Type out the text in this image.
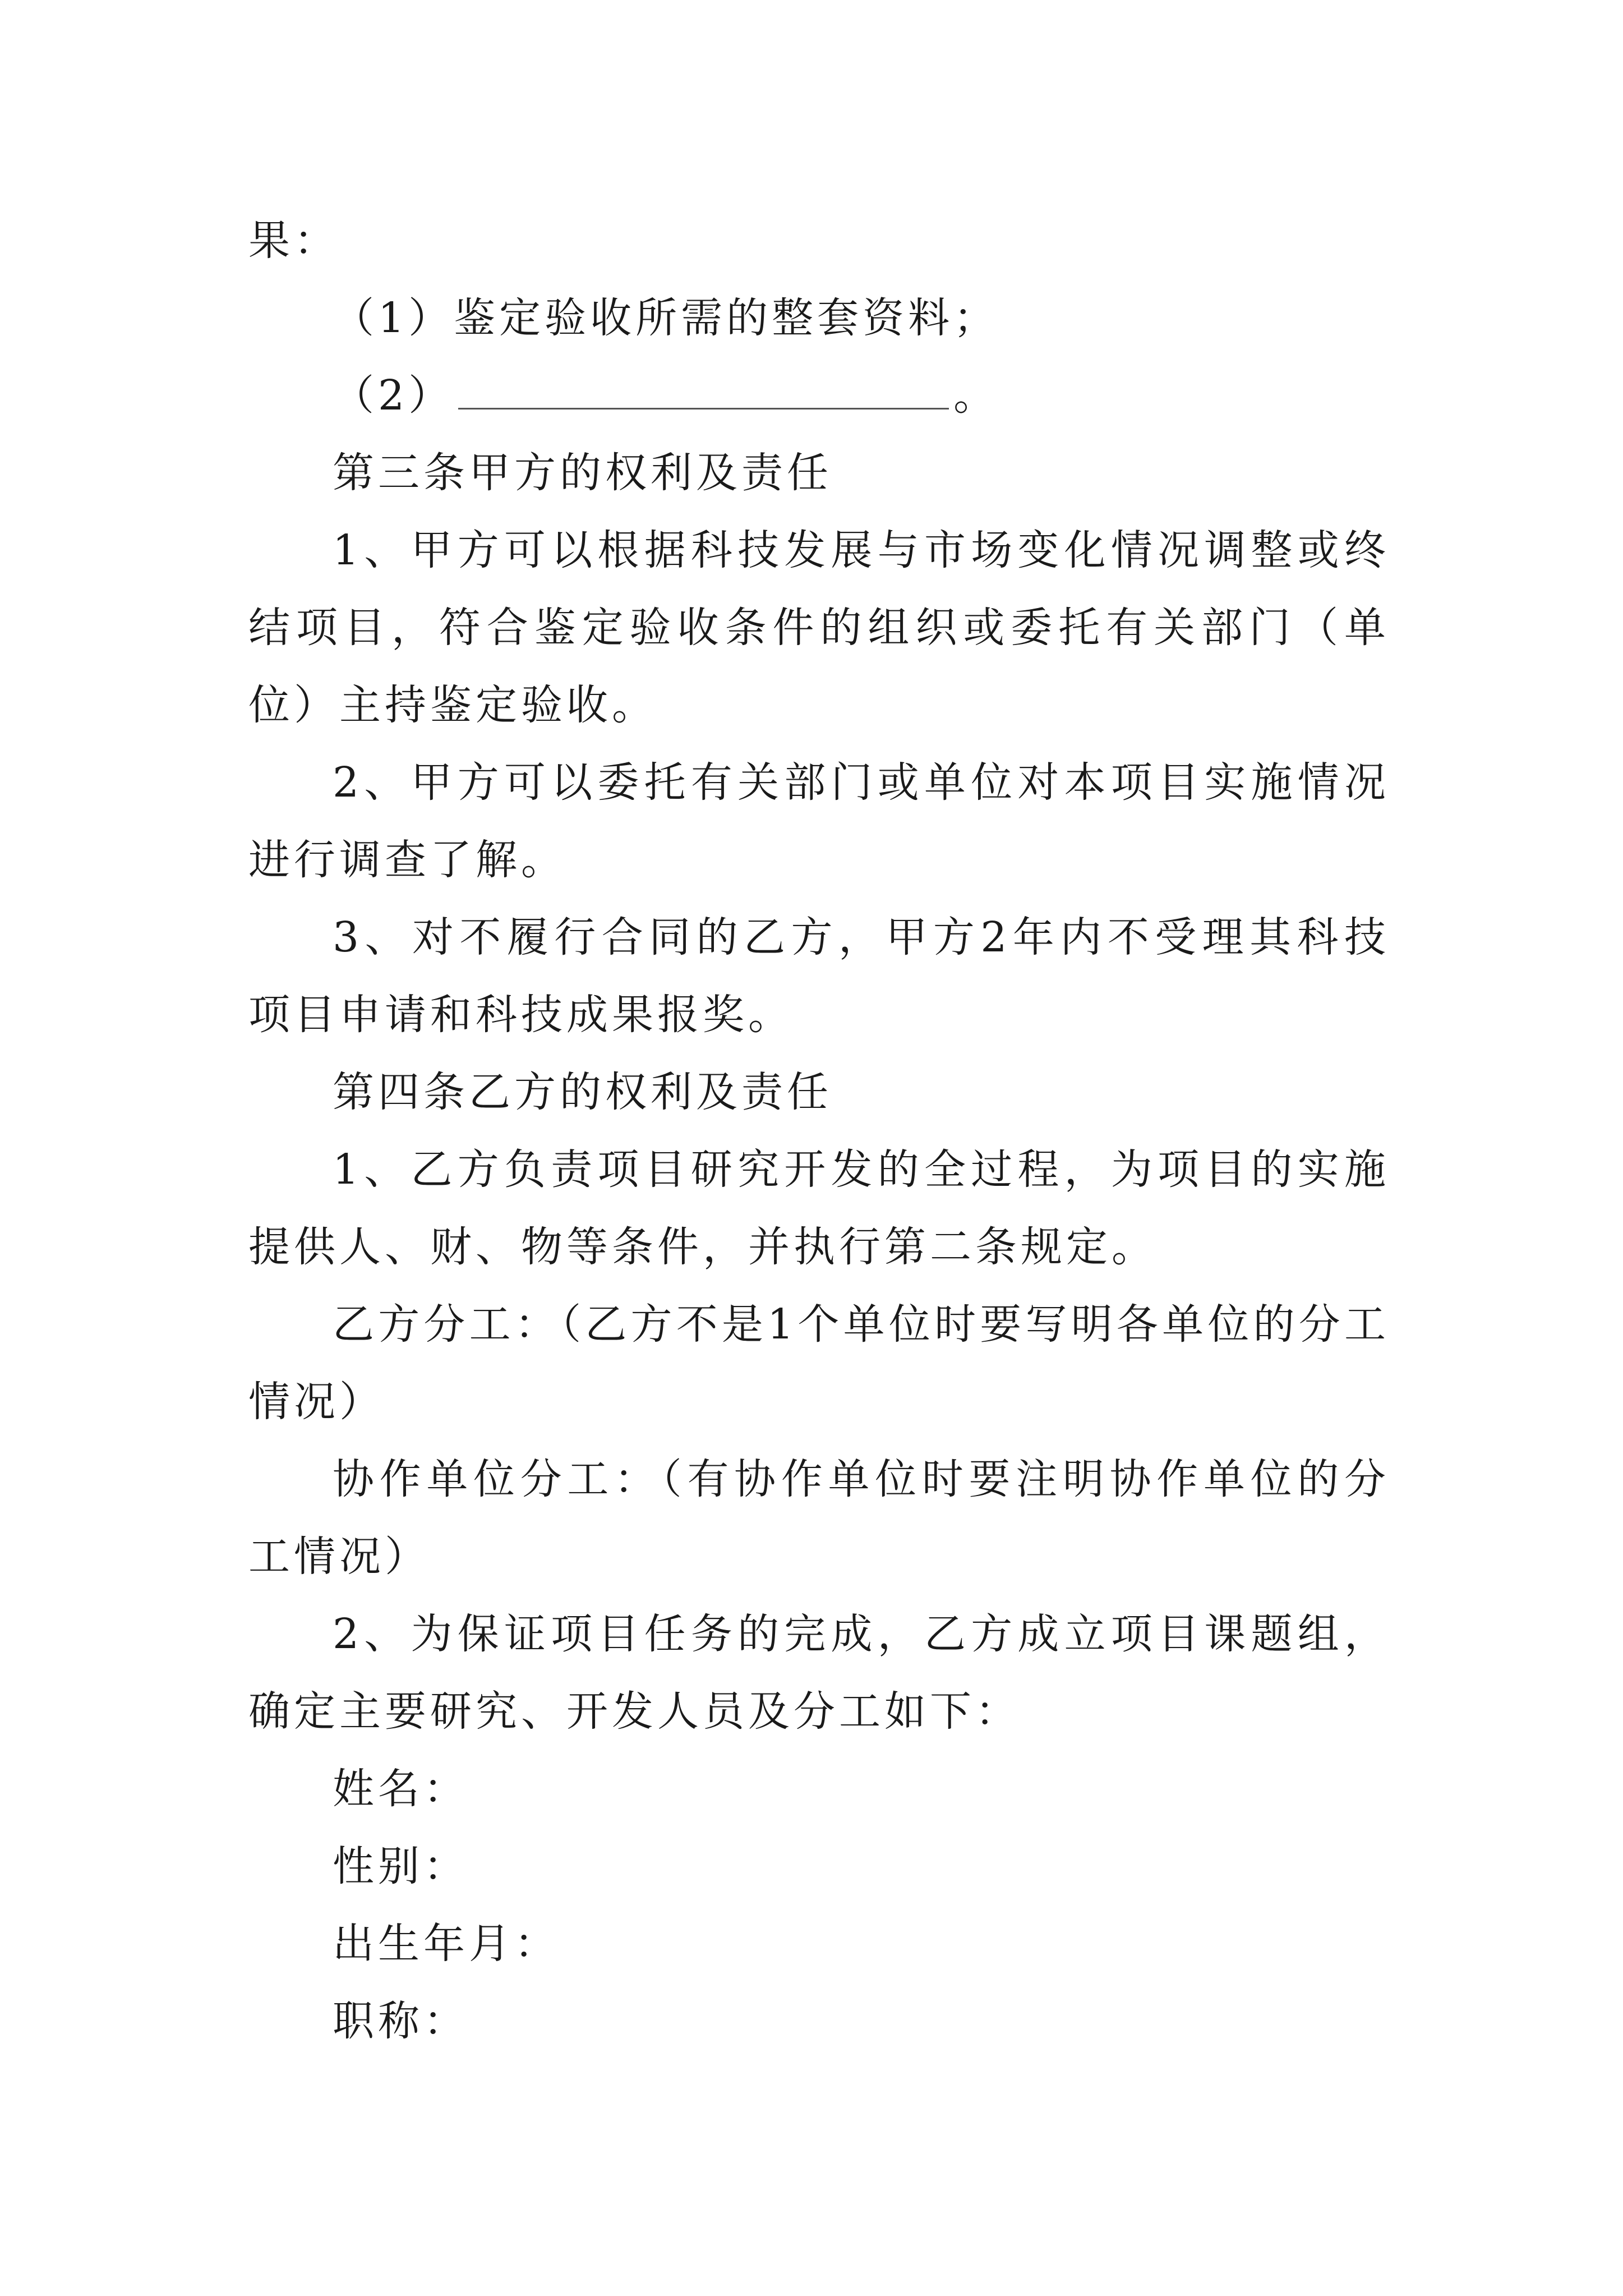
果：

（1）鉴定验收所需的整套资料；

（2）	。

第三条甲方的权利及责任

1、甲方可以根据科技发展与市场变化情况调整或终结项目，符合鉴定验收条件的组织或委托有关部门（单位）主持鉴定验收。

2、甲方可以委托有关部门或单位对本项目实施情况进行调查了解。

3、对不履行合同的乙方，甲方2年内不受理其科技项目申请和科技成果报奖。

第四条乙方的权利及责任

1、乙方负责项目研究开发的全过程，为项目的实施提供人、财、物等条件，并执行第二条规定。

乙方分工：（乙方不是1个单位时要写明各单位的分工情况）

协作单位分工：（有协作单位时要注明协作单位的分工情况）

2、为保证项目任务的完成，乙方成立项目课题组，确定主要研究、开发人员及分工如下：

姓名：

性别：

出生年月：

职称：
